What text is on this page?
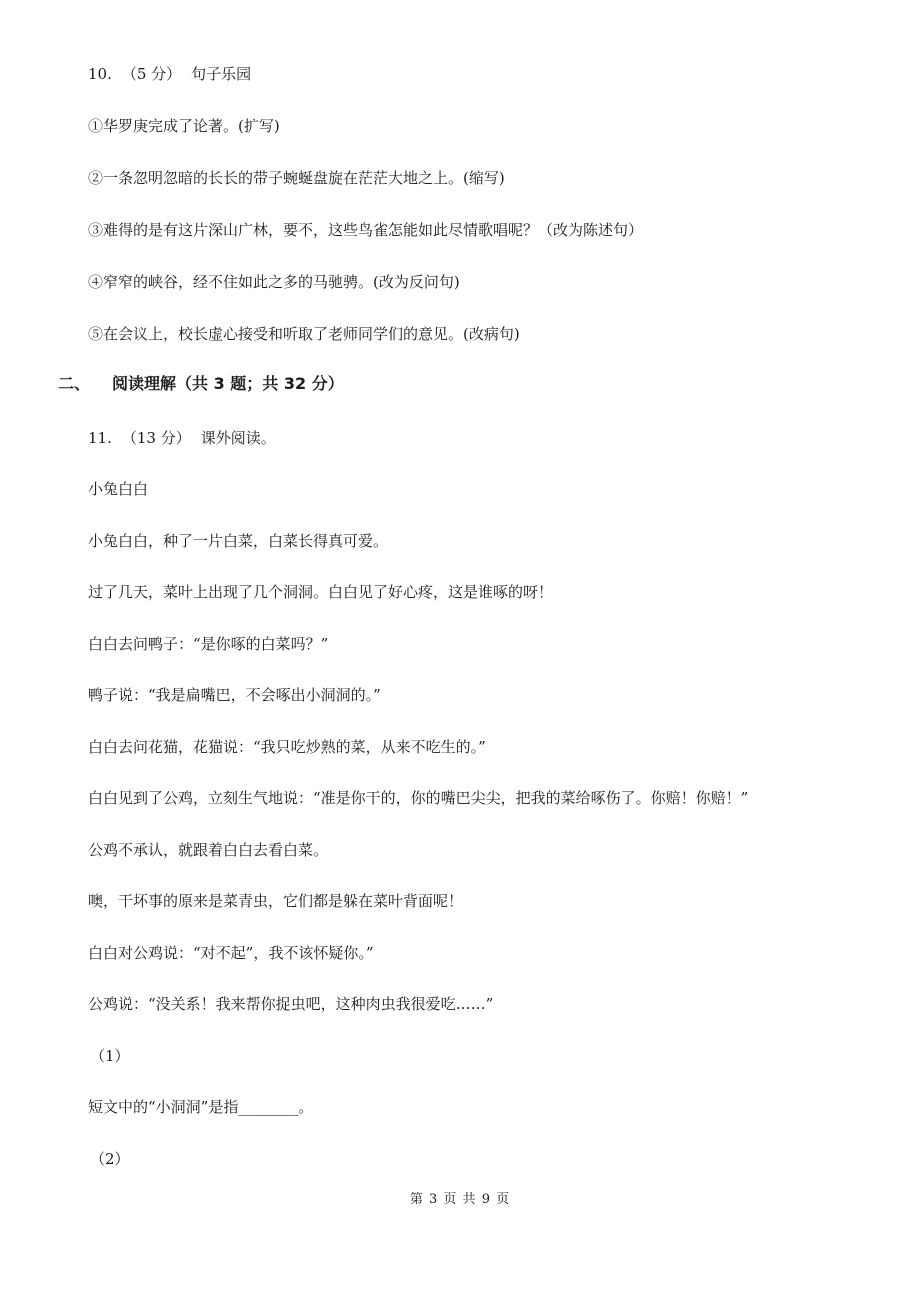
10. （5 分） 句子乐园
①华罗庚完成了论著。(扩写)
②一条忽明忽暗的长长的带子蜿蜒盘旋在茫茫大地之上。(缩写)
③难得的是有这片深山广林，要不，这些鸟雀怎能如此尽情歌唱呢？（改为陈述句）
④窄窄的峡谷，经不住如此之多的马驰骋。(改为反问句)
⑤在会议上，校长虚心接受和听取了老师同学们的意见。(改病句)
二、 阅读理解（共 3 题；共 32 分）
11. （13 分） 课外阅读。
小兔白白
小兔白白，种了一片白菜，白菜长得真可爱。
过了几天，菜叶上出现了几个洞洞。白白见了好心疼，这是谁啄的呀！
白白去问鸭子：“是你啄的白菜吗？”
鸭子说：“我是扁嘴巴，不会啄出小洞洞的。”
白白去问花猫，花猫说：“我只吃炒熟的菜，从来不吃生的。”
白白见到了公鸡，立刻生气地说：“准是你干的，你的嘴巴尖尖，把我的菜给啄伤了。你赔！你赔！”
公鸡不承认，就跟着白白去看白菜。
噢，干坏事的原来是菜青虫，它们都是躲在菜叶背面呢！
白白对公鸡说：“对不起”，我不该怀疑你。”
公鸡说：“没关系！我来帮你捉虫吧，这种肉虫我很爱吃……”
（1）
短文中的“小洞洞”是指________。
（2）
第 3 页 共 9 页
